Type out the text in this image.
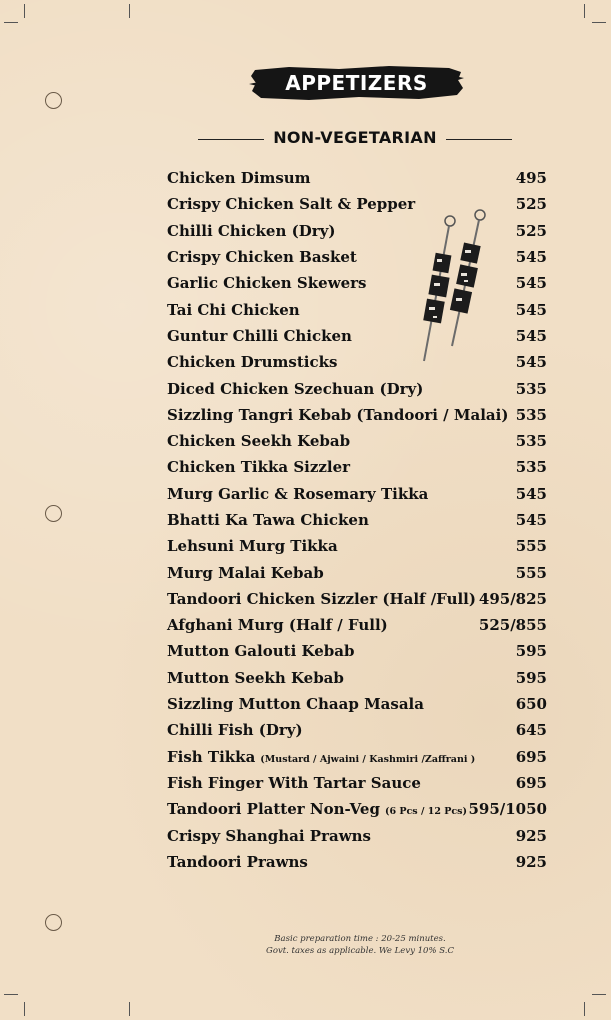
APPETIZERS
NON-VEGETARIAN
Chicken Dimsum	495
Crispy Chicken Salt & Pepper	525
Chilli Chicken (Dry)	525
Crispy Chicken Basket	545
Garlic Chicken Skewers	545
Tai Chi Chicken	545
Guntur Chilli Chicken	545
Chicken Drumsticks	545
Diced Chicken Szechuan (Dry)	535
Sizzling Tangri Kebab (Tandoori / Malai) 535
Chicken Seekh Kebab	535
Chicken Tikka Sizzler	535
Murg Garlic & Rosemary Tikka	545
Bhatti Ka Tawa Chicken	545
Lehsuni Murg Tikka	555
Murg Malai Kebab	555
Tandoori Chicken Sizzler (Half /Full) 495/825
Afghani Murg (Half / Full)	525/855
Mutton Galouti Kebab	595
Mutton Seekh Kebab	595
Sizzling Mutton Chaap Masala	650
Chilli Fish (Dry)	645
Fish Tikka (Mustard / Ajwaini / Kashmiri /Zaffrani )	695
Fish Finger With Tartar Sauce	695
Tandoori Platter Non-Veg (6 Pcs / 12 Pcs) 595/1050
Crispy Shanghai Prawns	925
Tandoori Prawns	925
Basic preparation time : 20-25 minutes.
Govt. taxes as applicable. We Levy 10% S.C
